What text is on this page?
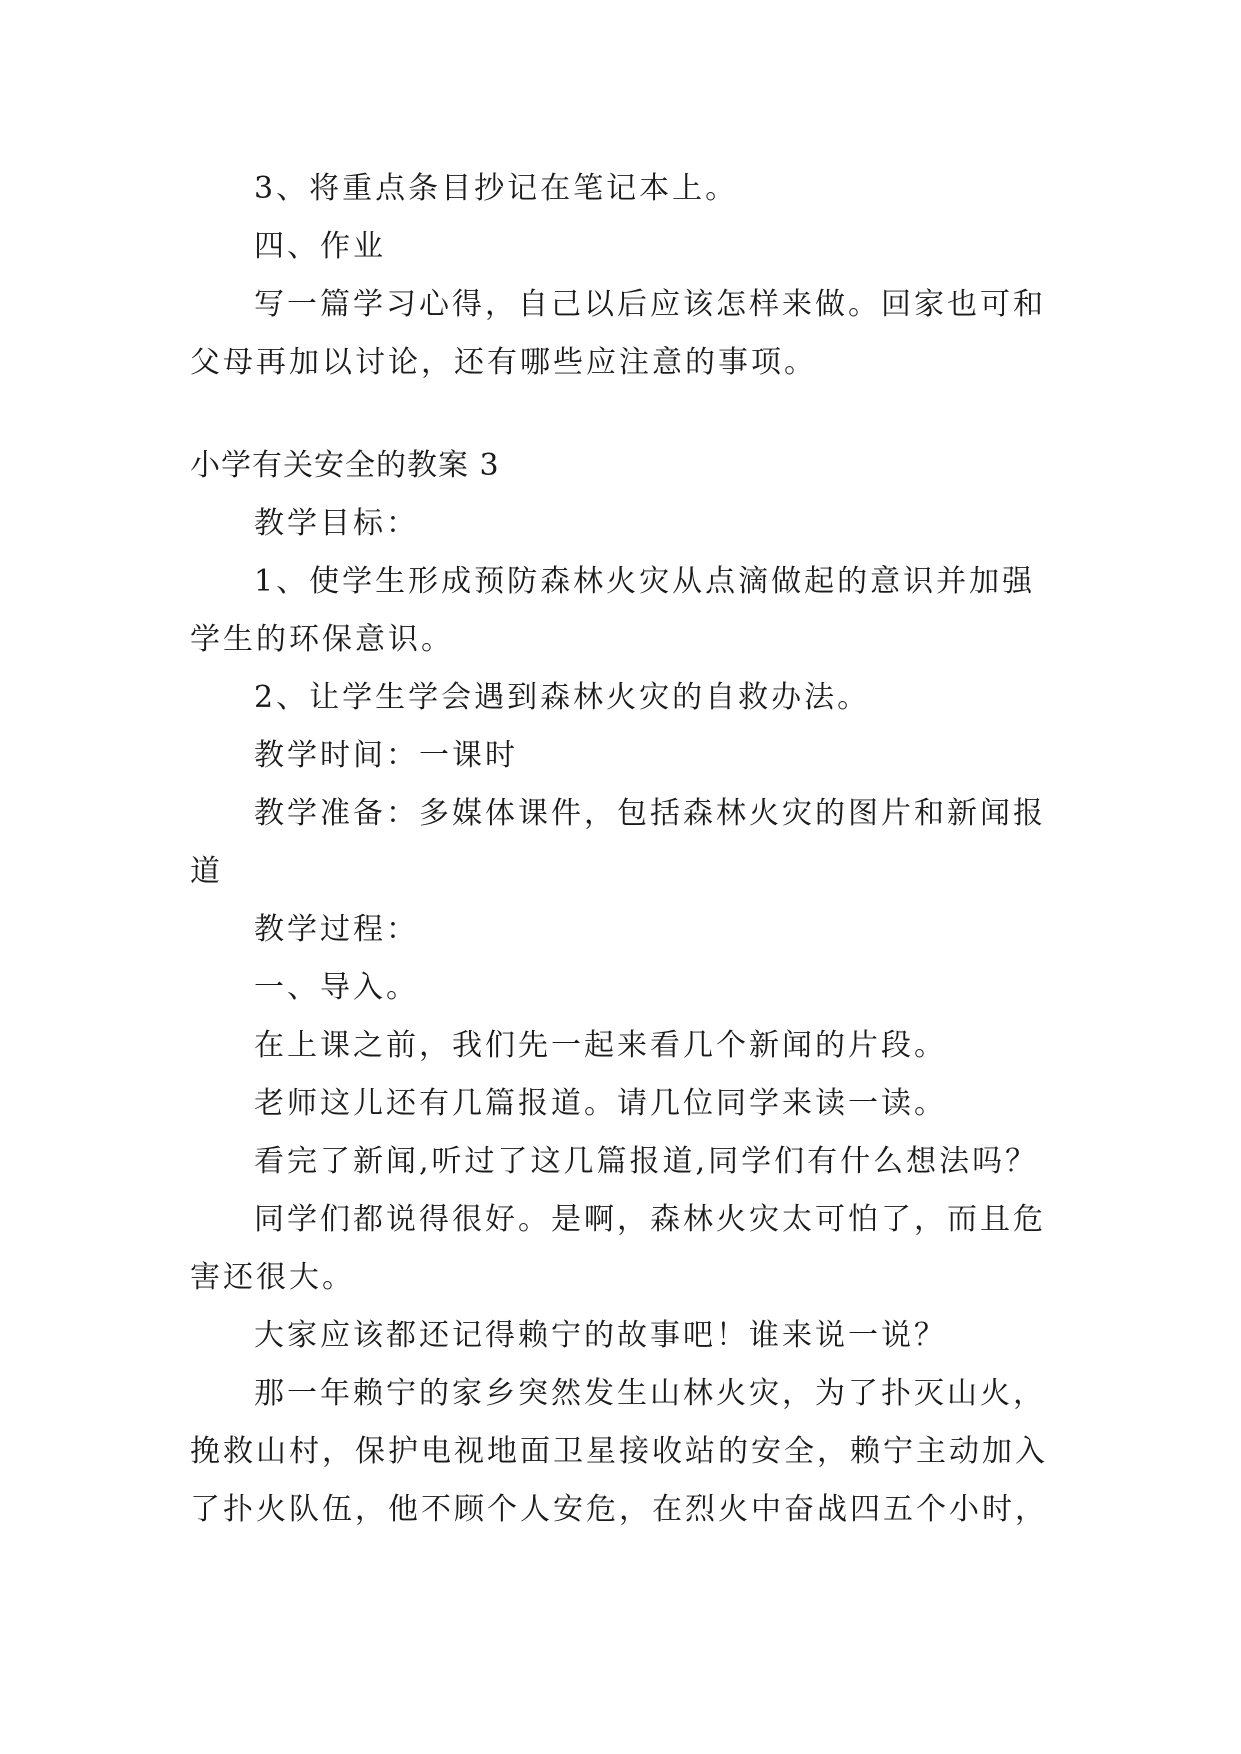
3、将重点条目抄记在笔记本上。
四、作业
写一篇学习心得，自己以后应该怎样来做。回家也可和
父母再加以讨论，还有哪些应注意的事项。
小学有关安全的教案 3
教学目标：
1、使学生形成预防森林火灾从点滴做起的意识并加强
学生的环保意识。
2、让学生学会遇到森林火灾的自救办法。
教学时间：一课时
教学准备：多媒体课件，包括森林火灾的图片和新闻报
道
教学过程：
一、导入。
在上课之前，我们先一起来看几个新闻的片段。
老师这儿还有几篇报道。请几位同学来读一读。
看完了新闻,听过了这几篇报道,同学们有什么想法吗？
同学们都说得很好。是啊，森林火灾太可怕了，而且危
害还很大。
大家应该都还记得赖宁的故事吧！谁来说一说？
那一年赖宁的家乡突然发生山林火灾，为了扑灭山火，
挽救山村，保护电视地面卫星接收站的安全，赖宁主动加入
了扑火队伍，他不顾个人安危，在烈火中奋战四五个小时，
